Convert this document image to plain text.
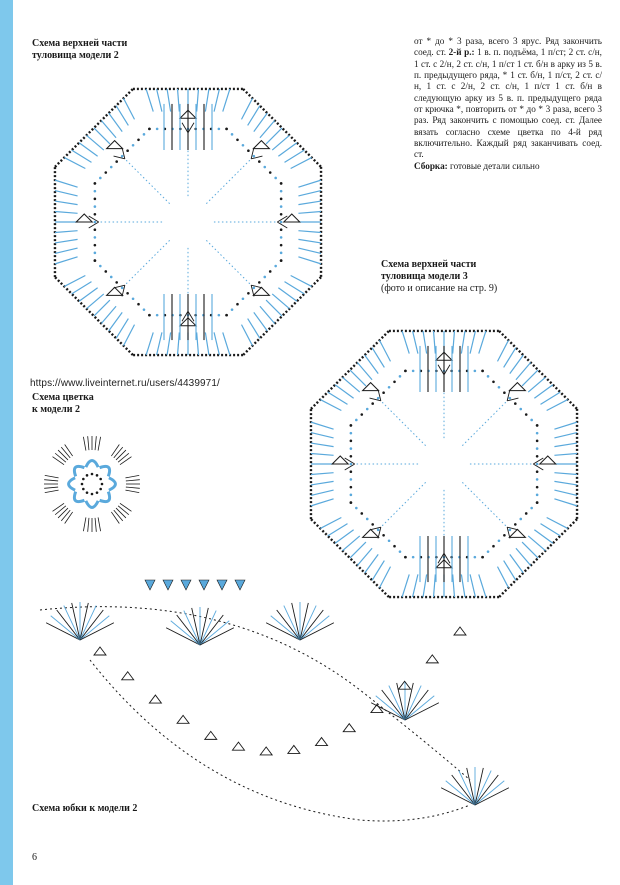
Схема верхней части
туловища модели 2
Схема верхней части
туловища модели 3
(фото и описание на стр. 9)
Схема цветка
к модели 2
Схема юбки к модели 2

от * до * 3 раза, всего 3 ярус. Ряд закончить соед. ст. 2-й р.: 1 в. п. подъёма, 1 п/ст; 2 ст. с/н, 1 ст. с 2/н, 2 ст. с/н, 1 п/ст 1 ст. б/н в арку из 5 в. п. предыдущего ряда, * 1 ст. б/н, 1 п/ст, 2 ст. с/н, 1 ст. с 2/н, 2 ст. с/н, 1 п/ст 1 ст. б/н в следующую арку из 5 в. п. предыдущего ряда от крючка *, повторить от * до * 3 раза, всего 3 раз. Ряд закончить с помощью соед. ст. Далее вязать согласно схеме цветка по 4-й ряд включительно. Каждый ряд заканчивать соед. ст.

Сборка: готовые детали сильно

https://www.liveinternet.ru/users/4439971/
6
